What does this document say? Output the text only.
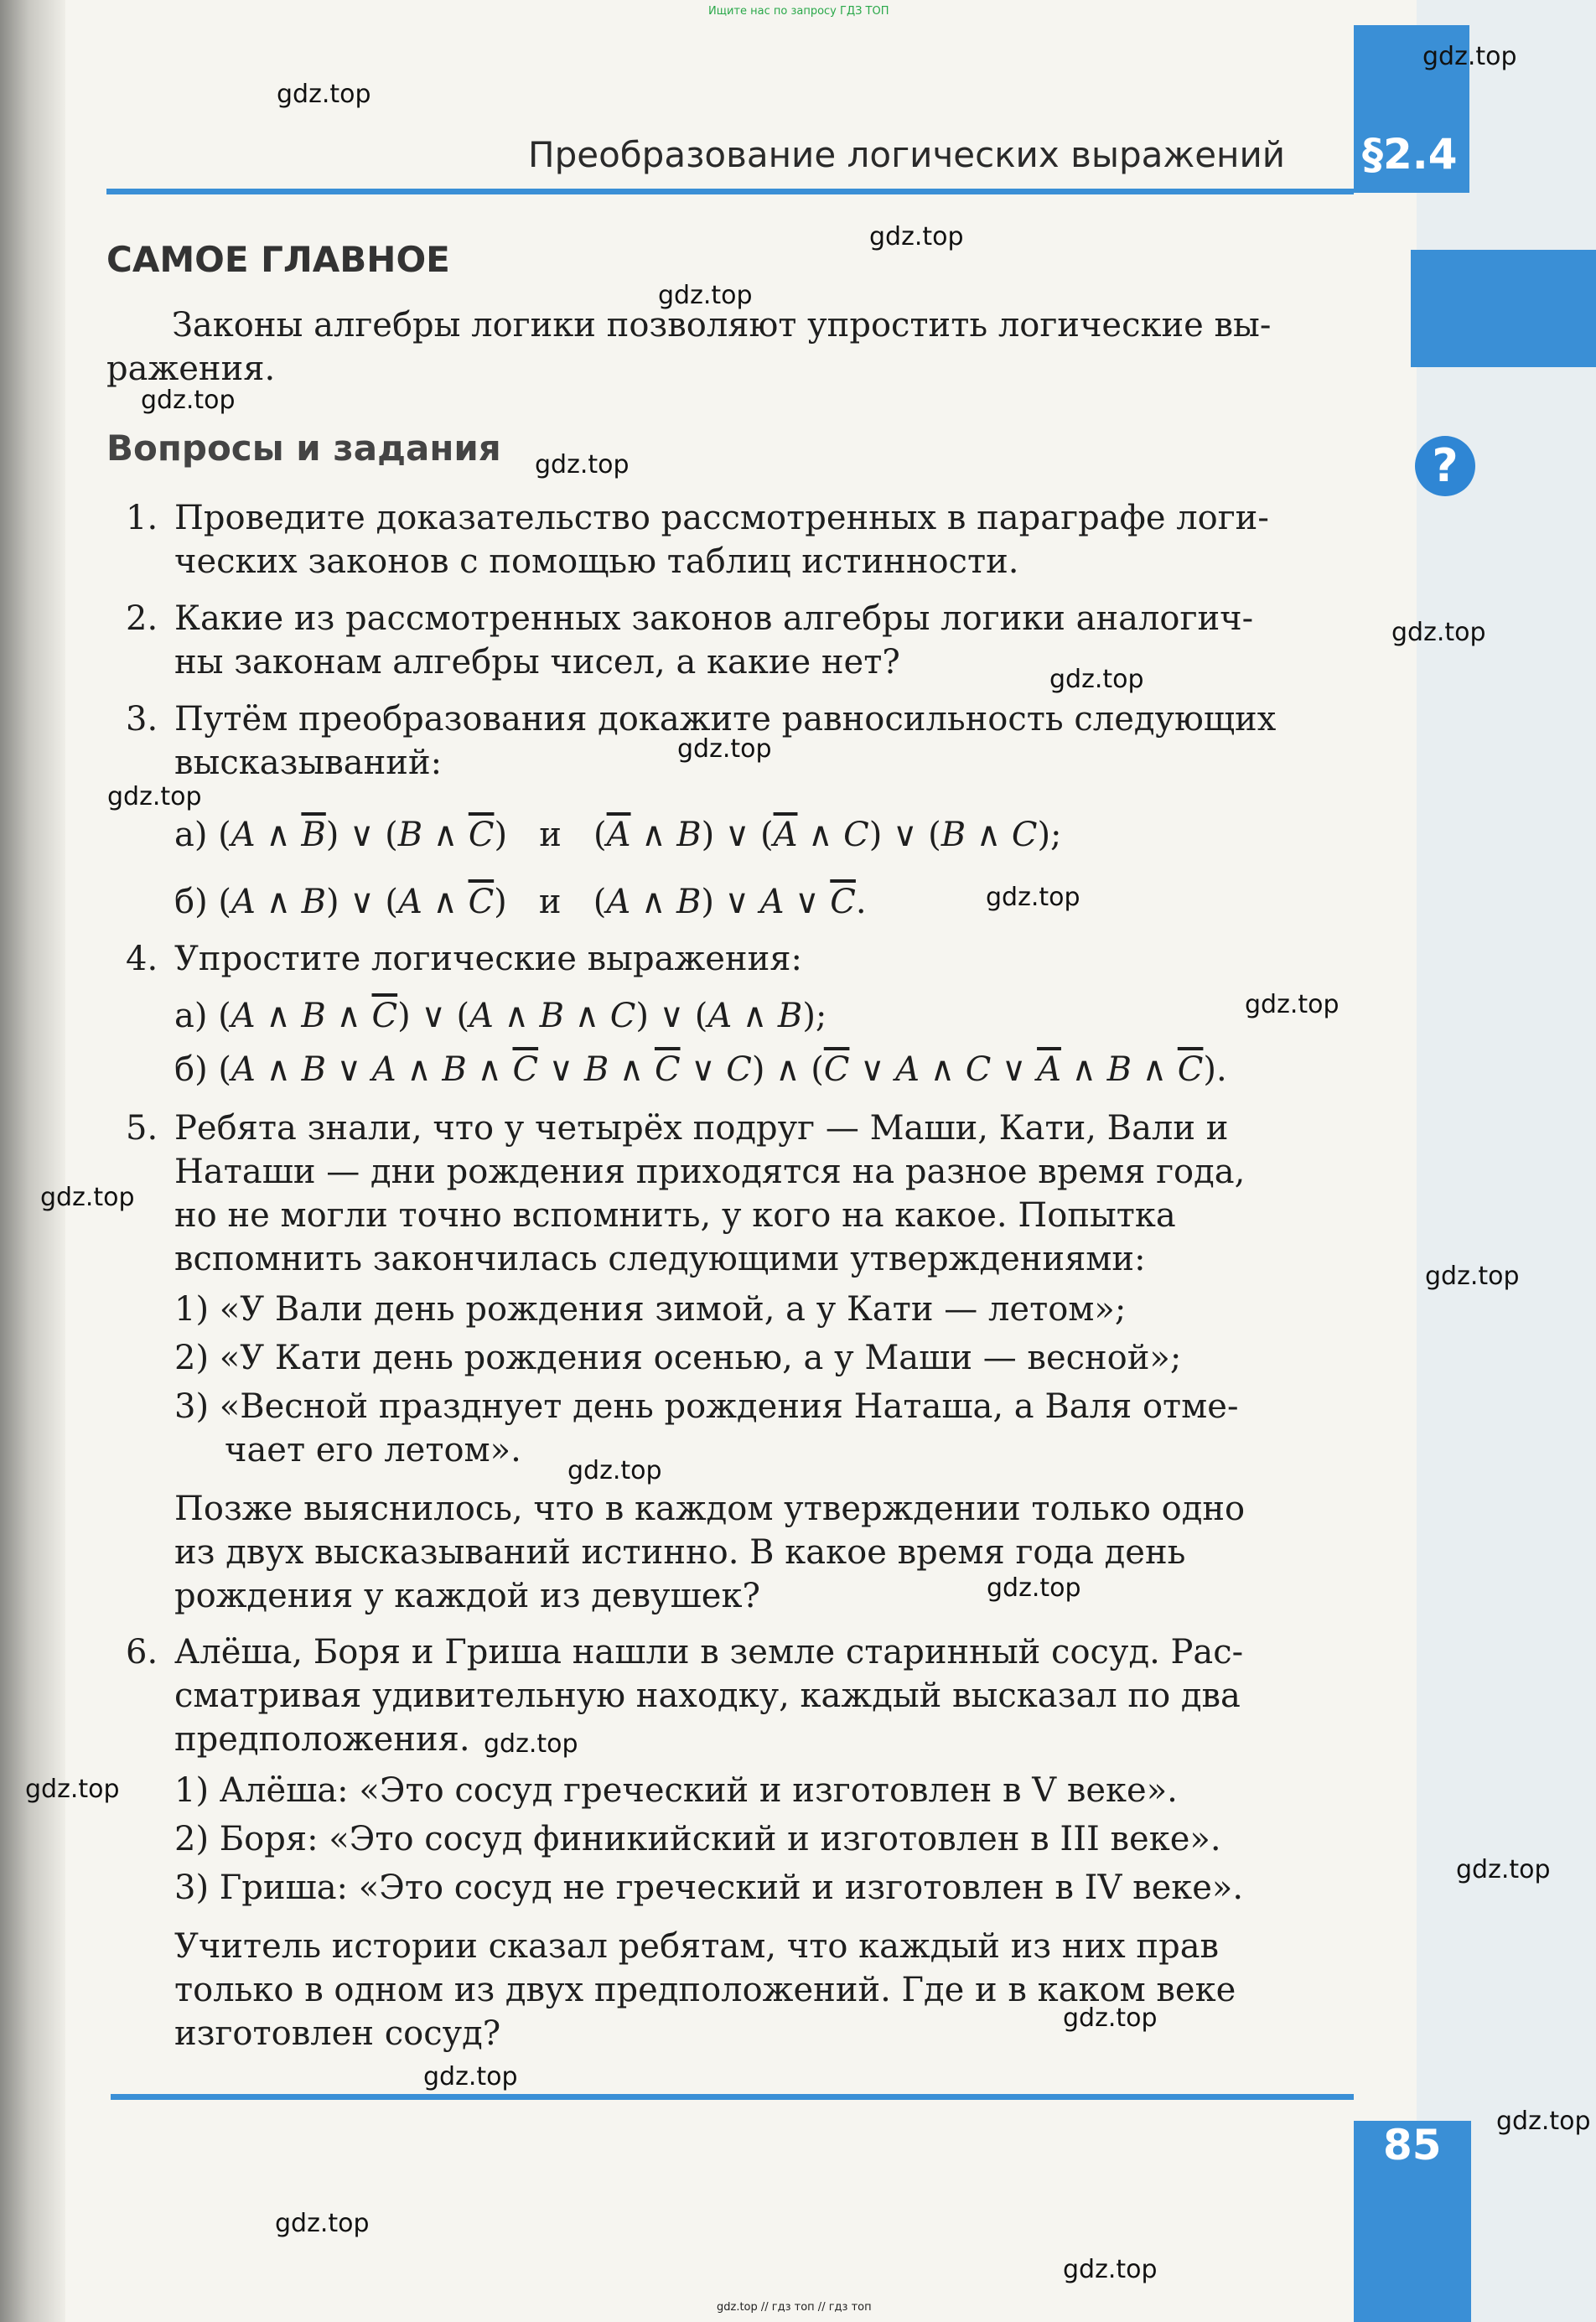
?
Ищите нас по запросу ГДЗ ТОП
Преобразование логических выражений §2.4
САМОЕ ГЛАВНОЕ
Законы алгебры логики позволяют упростить логические вы-
ражения.
Вопросы и задания
1. Проведите доказательство рассмотренных в параграфе логи-
ческих законов с помощью таблиц истинности.
2. Какие из рассмотренных законов алгебры логики аналогич-
ны законам алгебры чисел, а какие нет?
3. Путём преобразования докажите равносильность следующих
высказываний:
а) (A ∧ $\overline{B}$) ∨ (B ∧ $\overline{C}$)   и   ($\overline{A}$ ∧ B) ∨ ($\overline{A}$ ∧ C) ∨ (B ∧ C);
б) (A ∧ B) ∨ (A ∧ $\overline{C}$)   и   (A ∧ B) ∨ A ∨ $\overline{C}$.
4. Упростите логические выражения:
а) (A ∧ B ∧ $\overline{C}$) ∨ (A ∧ B ∧ C) ∨ (A ∧ B);
б) (A ∧ B ∨ A ∧ B ∧ $\overline{C}$ ∨ B ∧ $\overline{C}$ ∨ C) ∧ ($\overline{C}$ ∨ A ∧ C ∨ $\overline{A}$ ∧ B ∧ $\overline{C}$).
5. Ребята знали, что у четырёх подруг — Маши, Кати, Вали и
Наташи — дни рождения приходятся на разное время года,
но не могли точно вспомнить, у кого на какое. Попытка
вспомнить закончилась следующими утверждениями:
1) «У Вали день рождения зимой, а у Кати — летом»;
2) «У Кати день рождения осенью, а у Маши — весной»;
3) «Весной празднует день рождения Наташа, а Валя отме-
чает его летом».
Позже выяснилось, что в каждом утверждении только одно
из двух высказываний истинно. В какое время года день
рождения у каждой из девушек?
6. Алёша, Боря и Гриша нашли в земле старинный сосуд. Рас-
сматривая удивительную находку, каждый высказал по два
предположения.
1) Алёша: «Это сосуд греческий и изготовлен в V веке».
2) Боря: «Это сосуд финикийский и изготовлен в III веке».
3) Гриша: «Это сосуд не греческий и изготовлен в IV веке».
Учитель истории сказал ребятам, что каждый из них прав
только в одном из двух предположений. Где и в каком веке
изготовлен сосуд?
85
gdz.top
gdz.top
gdz.top
gdz.top
gdz.top
gdz.top
gdz.top
gdz.top
gdz.top
gdz.top
gdz.top
gdz.top
gdz.top
gdz.top
gdz.top
gdz.top
gdz.top
gdz.top
gdz.top
gdz.top
gdz.top
gdz.top
gdz.top
gdz.top
gdz.top // гдз топ // гдз топ
